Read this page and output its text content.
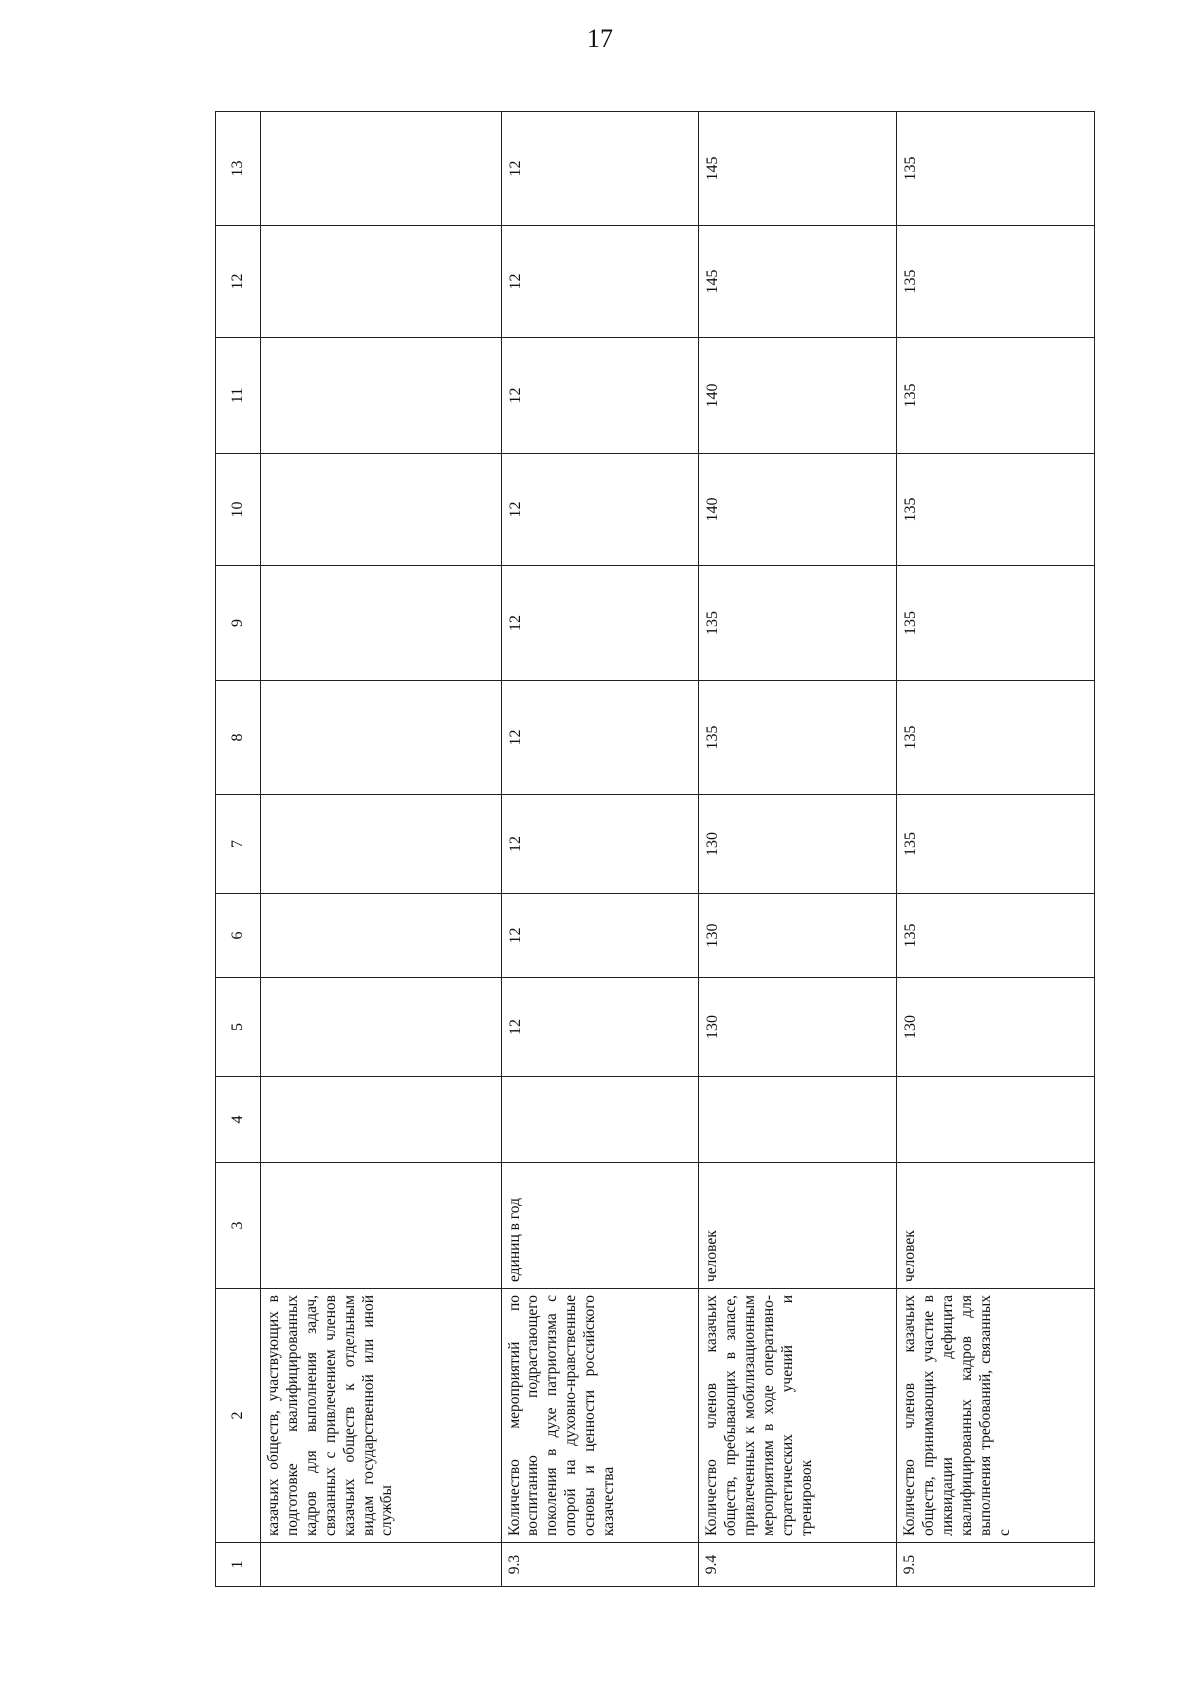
17
1	2	3	4	5	6	7	8	9	10	11	12	13
	казачьих обществ, участвующих в подготовке квалифицированных кадров для выполнения задач, связанных с привлечением членов казачьих обществ к отдельным видам государственной или иной службы											
9.3	Количество мероприятий по воспитанию подрастающего поколения в духе патриотизма с опорой на духовно-нравственные основы и ценности российского казачества	единиц в год		12	12	12	12	12	12	12	12	12
9.4	Количество членов казачьих обществ, пребывающих в запасе, привлеченных к мобилизационным мероприятиям в ходе оперативно-стратегических учений и тренировок	человек		130	130	130	135	135	140	140	145	145
9.5	Количество членов казачьих обществ, принимающих участие в ликвидации дефицита квалифицированных кадров для выполнения требований, связанных с	человек		130	135	135	135	135	135	135	135	135
